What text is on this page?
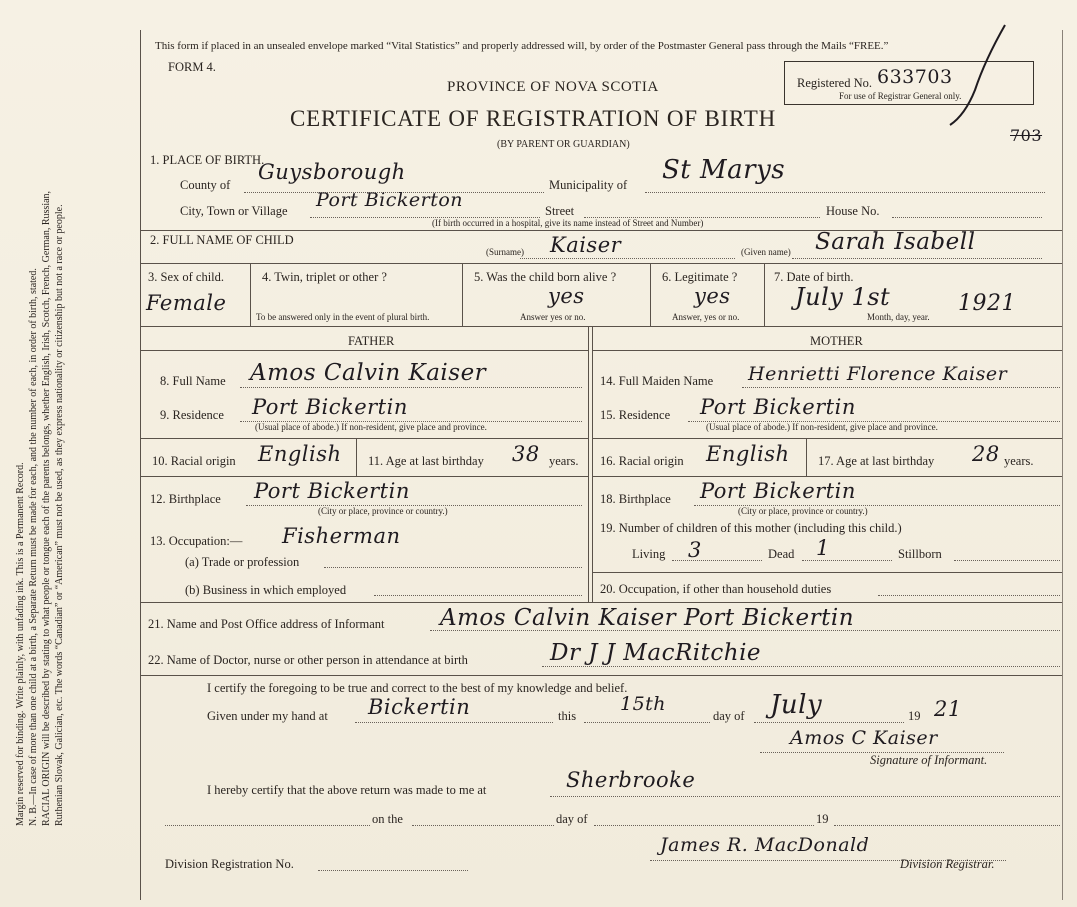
Margin reserved for binding. Write plainly, with unfading ink. This is a Permanent Record. N. B.—In case of more than one child at a birth, a Separate Return must be made for each, and the number of each, in order of birth, stated. RACIAL ORIGIN will be described by stating to what people or tongue each of the parents belongs, whether English, Irish, Scotch, French, German, Russian, Ruthenian Slovak, Galician, etc. The words “Canadian” or “American” must not be used, as they express nationality or citizenship but not a race or people.
This form if placed in an unsealed envelope marked “Vital Statistics” and properly addressed will, by order of the Postmaster General pass through the Mails “FREE.”
FORM 4.
PROVINCE OF NOVA SCOTIA
CERTIFICATE OF REGISTRATION OF BIRTH
(BY PARENT OR GUARDIAN)
Registered No. 633703
For use of Registrar General only.
703
1. PLACE OF BIRTH.
County of
Guysborough
Municipality of St Marys
City, Town or Village Port Bickerton	Street	House No.
(If birth occurred in a hospital, give its name instead of Street and Number)
2. FULL NAME OF CHILD
(Surname) Kaiser	(Given name) Sarah Isabell
3. Sex of child.
Female
4. Twin, triplet or other ?
To be answered only in the event of plural birth.
5. Was the child born alive ?
yes
Answer yes or no.
6. Legitimate ?
yes
Answer, yes or no.
7. Date of birth.
July 1st	1921
Month, day, year.
FATHER	MOTHER
8. Full Name Amos Calvin Kaiser
9. Residence Port Bickertin
(Usual place of abode.) If non-resident, give place and province.
10. Racial origin English 11. Age at last birthday 38 years.
12. Birthplace Port Bickertin
(City or place, province or country.)
13. Occupation:— Fisherman
(a) Trade or profession
(b) Business in which employed
14. Full Maiden Name Henrietti Florence Kaiser
15. Residence Port Bickertin
(Usual place of abode.) If non-resident, give place and province.
16. Racial origin English 17. Age at last birthday 28 years.
18. Birthplace Port Bickertin
(City or place, province or country.)
19. Number of children of this mother (including this child.)
Living 3	Dead 1	Stillborn
20. Occupation, if other than household duties
21. Name and Post Office address of Informant Amos Calvin Kaiser Port Bickertin
22. Name of Doctor, nurse or other person in attendance at birth	Dr J J MacRitchie
I certify the foregoing to be true and correct to the best of my knowledge and belief.
Given under my hand at Bickertin	this
15th
day of July	19 21
Amos C Kaiser
Signature of Informant.
I hereby certify that the above return was made to me at	Sherbrooke
on the	day of	19
Division Registration No.
James R. MacDonald
Division Registrar.
